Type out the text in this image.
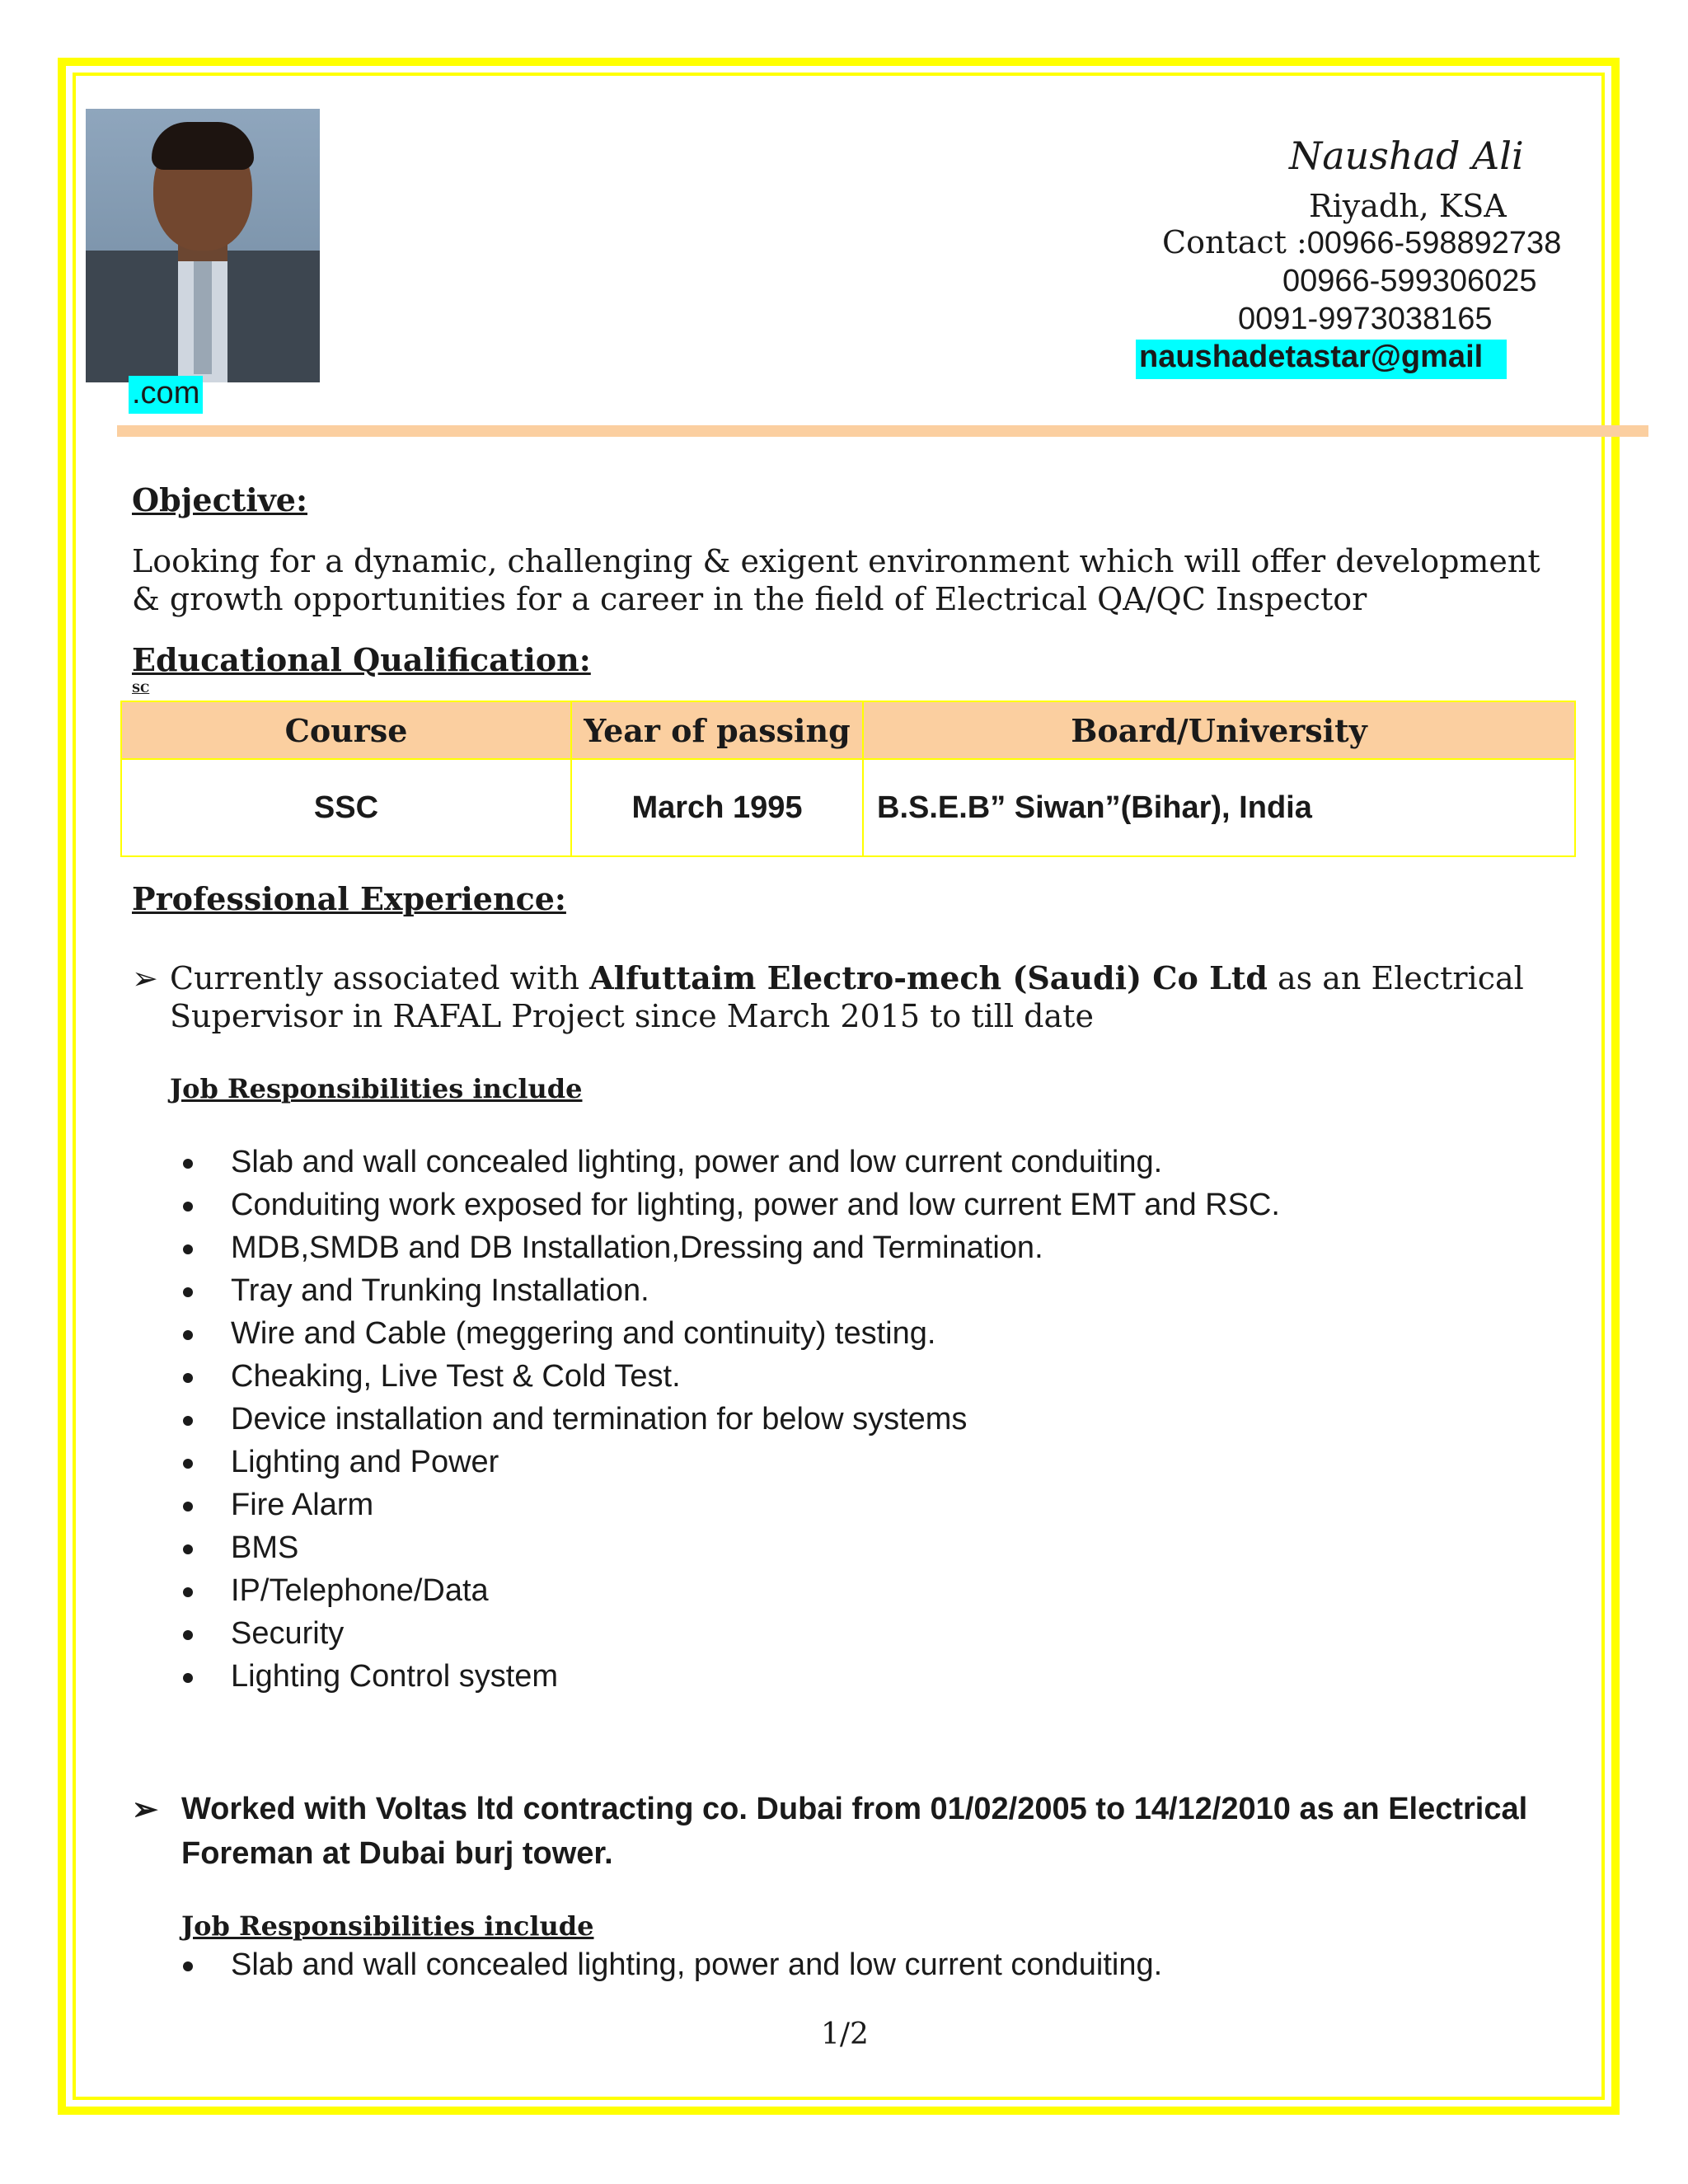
Naushad Ali
Riyadh, KSA
Contact :00966-598892738
00966-599306025
0091-9973038165
naushadetastar@gmail
.com
Objective:
Looking for a dynamic, challenging & exigent environment which will offer development & growth opportunities for a career in the field of Electrical QA/QC Inspector
Educational Qualification:
SC
Course	Year of passing	Board/University
SSC	March 1995	B.S.E.B” Siwan”(Bihar), India
Professional Experience:
➢ Currently associated with Alfuttaim Electro-mech (Saudi) Co Ltd as an Electrical Supervisor in RAFAL Project since March 2015 to till date
Job Responsibilities include
Slab and wall concealed lighting, power and low current conduiting.
Conduiting work exposed for lighting, power and low current EMT and RSC.
MDB,SMDB and DB Installation,Dressing and Termination.
Tray and Trunking Installation.
Wire and Cable (meggering and continuity) testing.
Cheaking, Live Test & Cold Test.
Device installation and termination for below systems
Lighting and Power
Fire Alarm
BMS
IP/Telephone/Data
Security
Lighting Control system
➢ Worked with Voltas ltd contracting co. Dubai from 01/02/2005 to 14/12/2010 as an Electrical Foreman at Dubai burj tower.
Job Responsibilities include
Slab and wall concealed lighting, power and low current conduiting.
1/2
